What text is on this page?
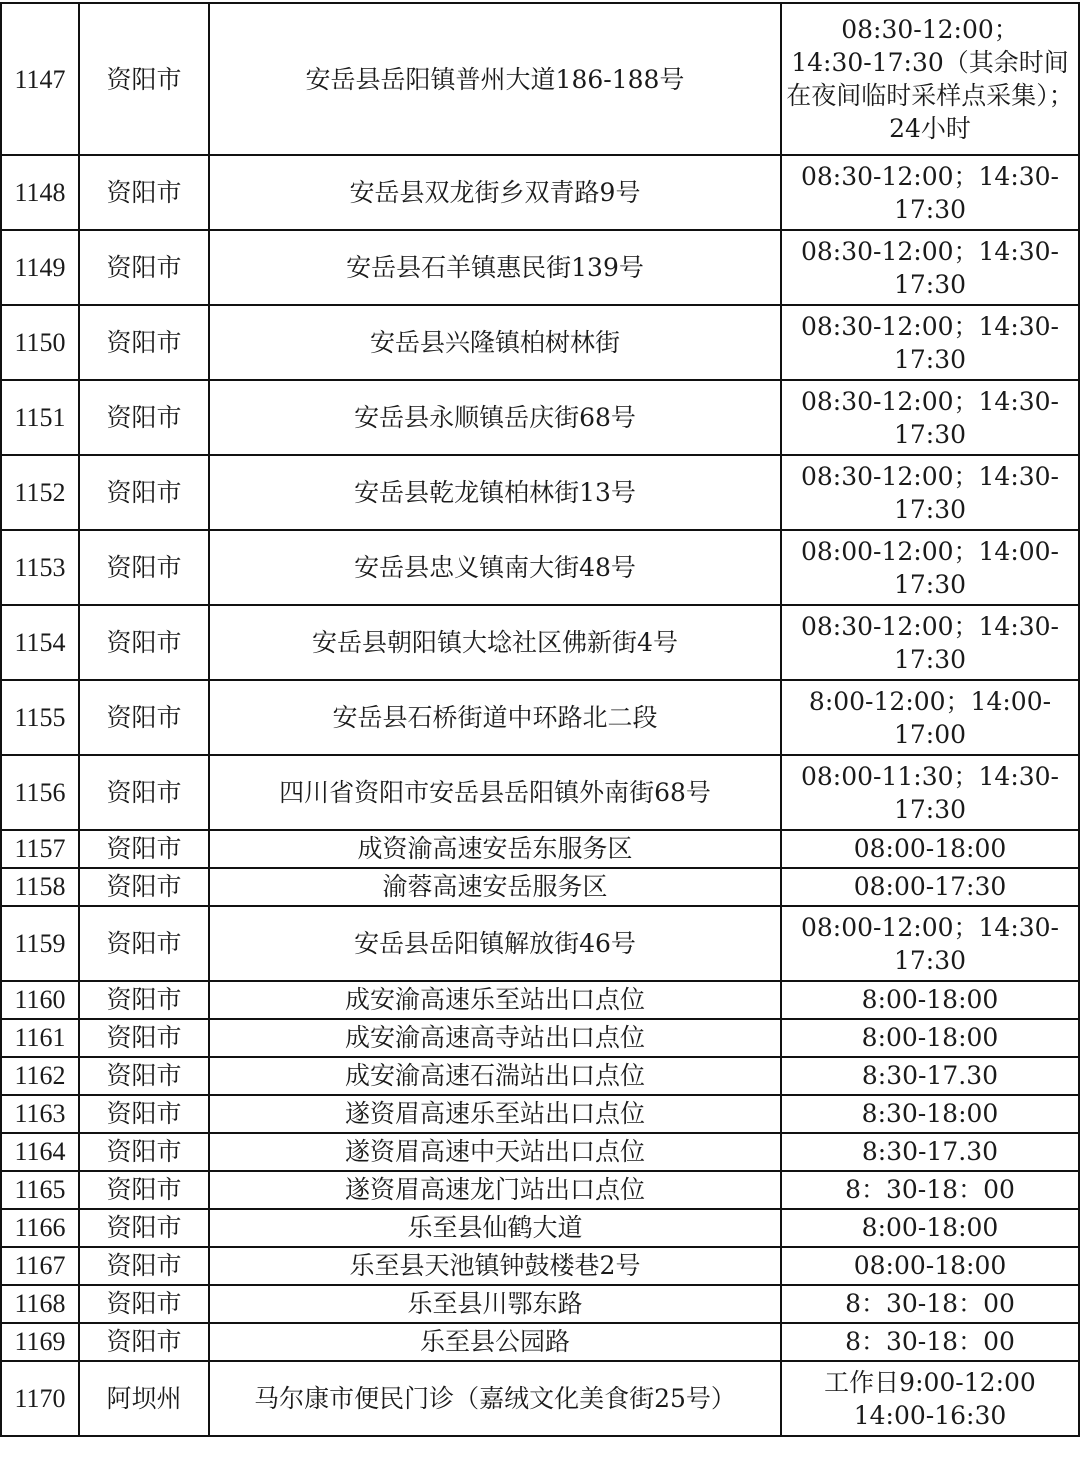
1147	资阳市	安岳县岳阳镇普州大道186-188号	08:30-12:00；
14:30-17:30（其余时间在夜间临时采样点采集）；24小时
1148	资阳市	安岳县双龙街乡双青路9号	08:30-12:00；14:30-
17:30
1149	资阳市	安岳县石羊镇惠民街139号	08:30-12:00；14:30-
17:30
1150	资阳市	安岳县兴隆镇柏树林街	08:30-12:00；14:30-
17:30
1151	资阳市	安岳县永顺镇岳庆街68号	08:30-12:00；14:30-
17:30
1152	资阳市	安岳县乾龙镇柏林街13号	08:30-12:00；14:30-
17:30
1153	资阳市	安岳县忠义镇南大街48号	08:00-12:00；14:00-
17:30
1154	资阳市	安岳县朝阳镇大埝社区佛新街4号	08:30-12:00；14:30-
17:30
1155	资阳市	安岳县石桥街道中环路北二段	8:00-12:00；14:00-
17:00
1156	资阳市	四川省资阳市安岳县岳阳镇外南街68号	08:00-11:30；14:30-
17:30
1157	资阳市	成资渝高速安岳东服务区	08:00-18:00
1158	资阳市	渝蓉高速安岳服务区	08:00-17:30
1159	资阳市	安岳县岳阳镇解放街46号	08:00-12:00；14:30-
17:30
1160	资阳市	成安渝高速乐至站出口点位	8:00-18:00
1161	资阳市	成安渝高速高寺站出口点位	8:00-18:00
1162	资阳市	成安渝高速石湍站出口点位	8:30-17.30
1163	资阳市	遂资眉高速乐至站出口点位	8:30-18:00
1164	资阳市	遂资眉高速中天站出口点位	8:30-17.30
1165	资阳市	遂资眉高速龙门站出口点位	8：30-18：00
1166	资阳市	乐至县仙鹤大道	8:00-18:00
1167	资阳市	乐至县天池镇钟鼓楼巷2号	08:00-18:00
1168	资阳市	乐至县川鄂东路	8：30-18：00
1169	资阳市	乐至县公园路	8：30-18：00
1170	阿坝州	马尔康市便民门诊（嘉绒文化美食街25号）	工作日9:00-12:00
14:00-16:30
